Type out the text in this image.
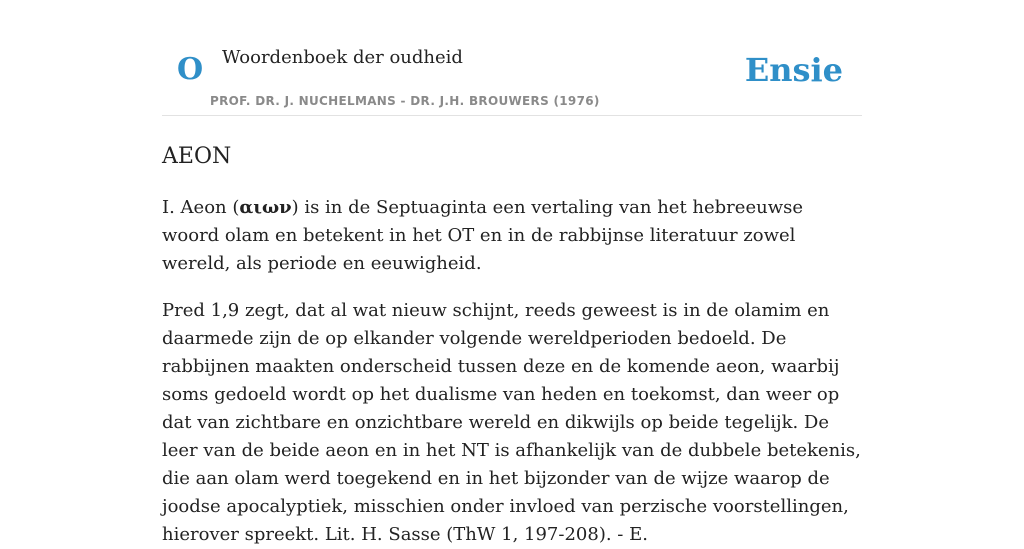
O Woordenboek der oudheid
PROF. DR. J. NUCHELMANS - DR. J.H. BROUWERS (1976)
Ensie
AEON

I. Aeon (αιων) is in de Septuaginta een vertaling van het hebreeuwse woord olam en betekent in het OT en in de rabbijnse literatuur zowel wereld, als periode en eeuwigheid.

Pred 1,9 zegt, dat al wat nieuw schijnt, reeds geweest is in de olamim en daarmede zijn de op elkander volgende wereldperioden bedoeld. De rabbijnen maakten onderscheid tussen deze en de komende aeon, waarbij soms gedoeld wordt op het dualisme van heden en toekomst, dan weer op dat van zichtbare en onzichtbare wereld en dikwijls op beide tegelijk. De leer van de beide aeon en in het NT is afhankelijk van de dubbele betekenis, die aan olam werd toegekend en in het bijzonder van de wijze waarop de joodse apocalyptiek, misschien onder invloed van perzische voorstellingen, hierover spreekt. Lit. H. Sasse (ThW 1, 197-208). - E.
